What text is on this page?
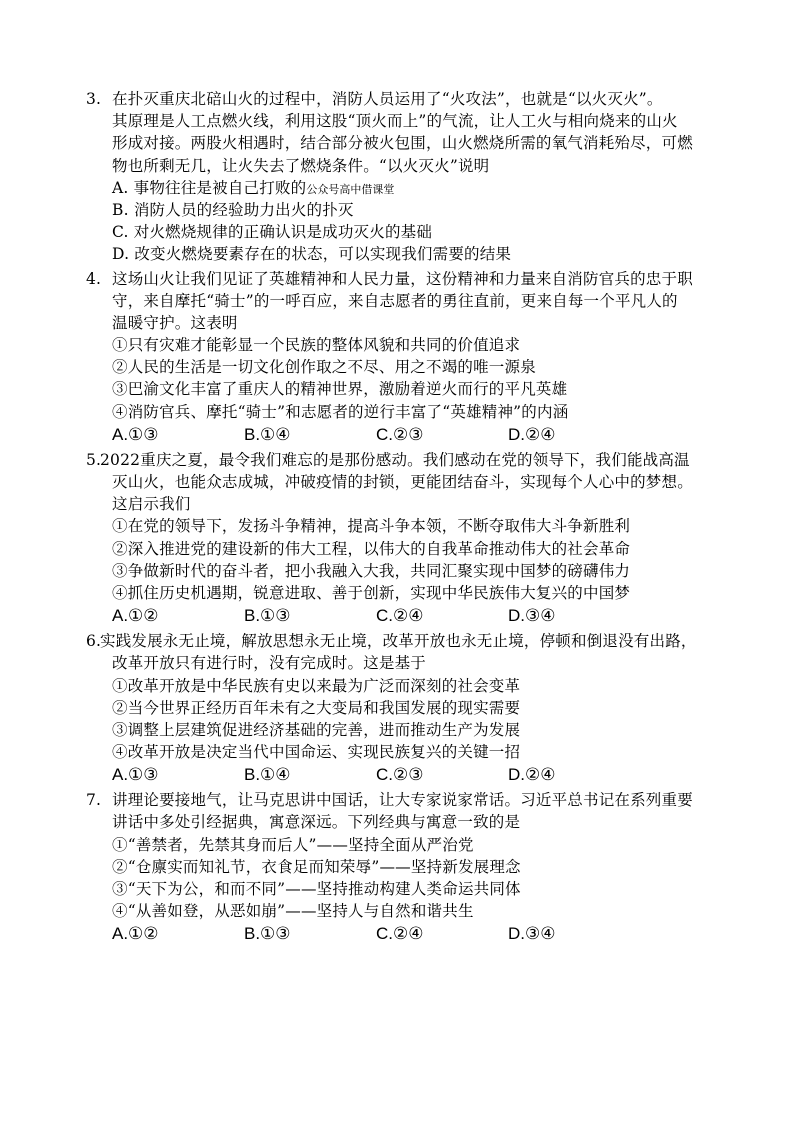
3. 在扑灭重庆北碚山火的过程中，消防人员运用了“火攻法”，也就是“以火灭火”。
其原理是人工点燃火线，利用这股“顶火而上”的气流，让人工火与相向烧来的山火
形成对接。两股火相遇时，结合部分被火包围，山火燃烧所需的氧气消耗殆尽，可燃
物也所剩无几，让火失去了燃烧条件。“以火灭火”说明
A. 事物往往是被自己打败的公众号高中借课堂
B. 消防人员的经验助力出火的扑灭
C. 对火燃烧规律的正确认识是成功灭火的基础
D. 改变火燃烧要素存在的状态，可以实现我们需要的结果
4. 这场山火让我们见证了英雄精神和人民力量，这份精神和力量来自消防官兵的忠于职
守，来自摩托“骑士”的一呼百应，来自志愿者的勇往直前，更来自每一个平凡人的
温暖守护。这表明
①只有灾难才能彰显一个民族的整体风貌和共同的价值追求
②人民的生活是一切文化创作取之不尽、用之不竭的唯一源泉
③巴渝文化丰富了重庆人的精神世界，激励着逆火而行的平凡英雄
④消防官兵、摩托“骑士”和志愿者的逆行丰富了“英雄精神”的内涵
A.①③	B.①④	C.②③	D.②④
5.
2022重庆之夏，最令我们难忘的是那份感动。我们感动在党的领导下，我们能战高温
灭山火，也能众志成城，冲破疫情的封锁，更能团结奋斗，实现每个人心中的梦想。
这启示我们
①在党的领导下，发扬斗争精神，提高斗争本领，不断夺取伟大斗争新胜利
②深入推进党的建设新的伟大工程，以伟大的自我革命推动伟大的社会革命
③争做新时代的奋斗者，把小我融入大我，共同汇聚实现中国梦的磅礴伟力
④抓住历史机遇期，锐意进取、善于创新，实现中华民族伟大复兴的中国梦
A.①②	B.①③	C.②④	D.③④
6.
实践发展永无止境，解放思想永无止境，改革开放也永无止境，停顿和倒退没有出路，
改革开放只有进行时，没有完成时。这是基于
①改革开放是中华民族有史以来最为广泛而深刻的社会变革
②当今世界正经历百年未有之大变局和我国发展的现实需要
③调整上层建筑促进经济基础的完善，进而推动生产为发展
④改革开放是决定当代中国命运、实现民族复兴的关键一招
A.①③	B.①④	C.②③	D.②④
7. 讲理论要接地气，让马克思讲中国话，让大专家说家常话。习近平总书记在系列重要
讲话中多处引经据典，寓意深远。下列经典与寓意一致的是
①“善禁者，先禁其身而后人”——坚持全面从严治党
②“仓廪实而知礼节，衣食足而知荣辱”——坚持新发展理念
③“天下为公，和而不同”——坚持推动构建人类命运共同体
④“从善如登，从恶如崩”——坚持人与自然和谐共生
A.①②	B.①③	C.②④	D.③④
